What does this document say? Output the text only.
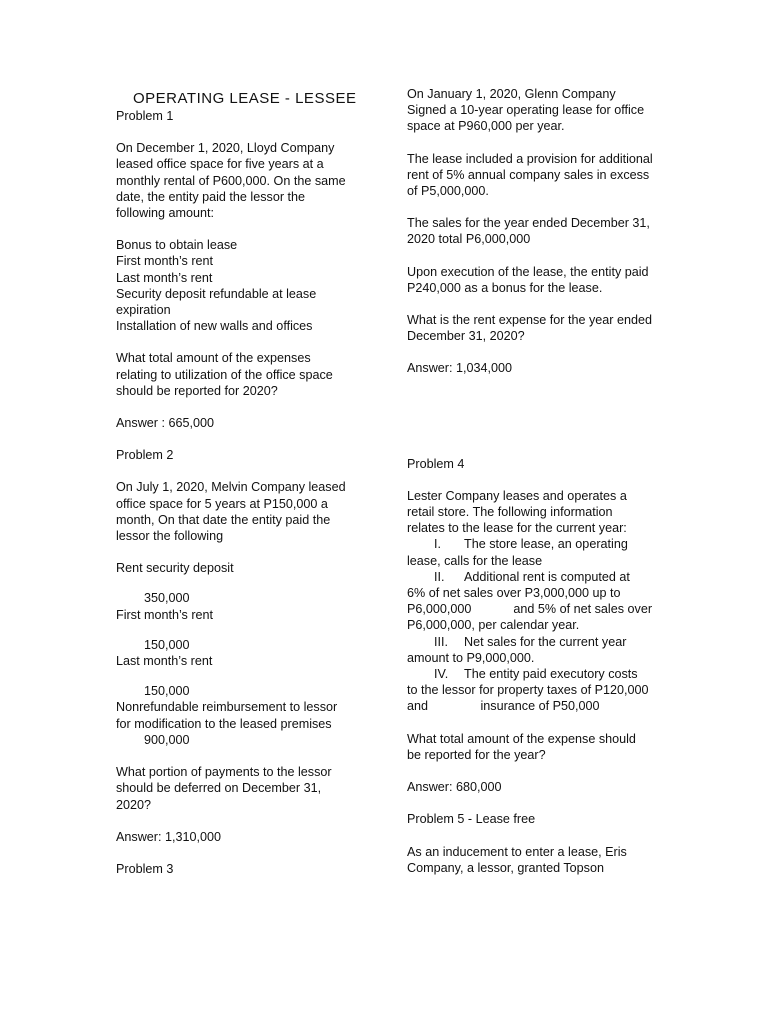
OPERATING LEASE - LESSEE

Problem 1

On December 1, 2020, Lloyd Company leased office space for five years at a monthly rental of P600,000. On the same date, the entity paid the lessor the following amount:

Bonus to obtain lease

First month’s rent

Last month’s rent

Security deposit refundable at lease expiration

Installation of new walls and offices

What total amount of the expenses relating to utilization of the office space should be reported for 2020?

Answer : 665,000

Problem 2

On July 1, 2020, Melvin Company leased office space for 5 years at P150,000 a month, On that date the entity paid the lessor the following

Rent security deposit

350,000

First month’s rent

150,000

Last month’s rent

150,000

Nonrefundable reimbursement to lessor for modification to the leased premises

900,000

What portion of payments to the lessor should be deferred on December 31, 2020?

Answer: 1,310,000

Problem 3

On January 1, 2020, Glenn Company Signed a 10-year operating lease for office space at P960,000 per year.

The lease included a provision for additional rent of 5% annual company sales in excess of P5,000,000.

The sales for the year ended December 31, 2020 total P6,000,000

Upon execution of the lease, the entity paid P240,000 as a bonus for the lease.

What is the rent expense for the year ended December 31, 2020?

Answer: 1,034,000

Problem 4

Lester Company leases and operates a retail store. The following information relates to the lease for the current year:

I. The store lease, an operating

lease, calls for the lease

II. Additional rent is computed at

6% of net sales over P3,000,000 up to P6,000,000            and 5% of net sales over P6,000,000, per calendar year.

III. Net sales for the current year

amount to P9,000,000.

IV. The entity paid executory costs

to the lessor for property taxes of P120,000 and               insurance of P50,000

What total amount of the expense should be reported for the year?

Answer: 680,000

Problem 5 - Lease free

As an inducement to enter a lease, Eris Company, a lessor, granted Topson
